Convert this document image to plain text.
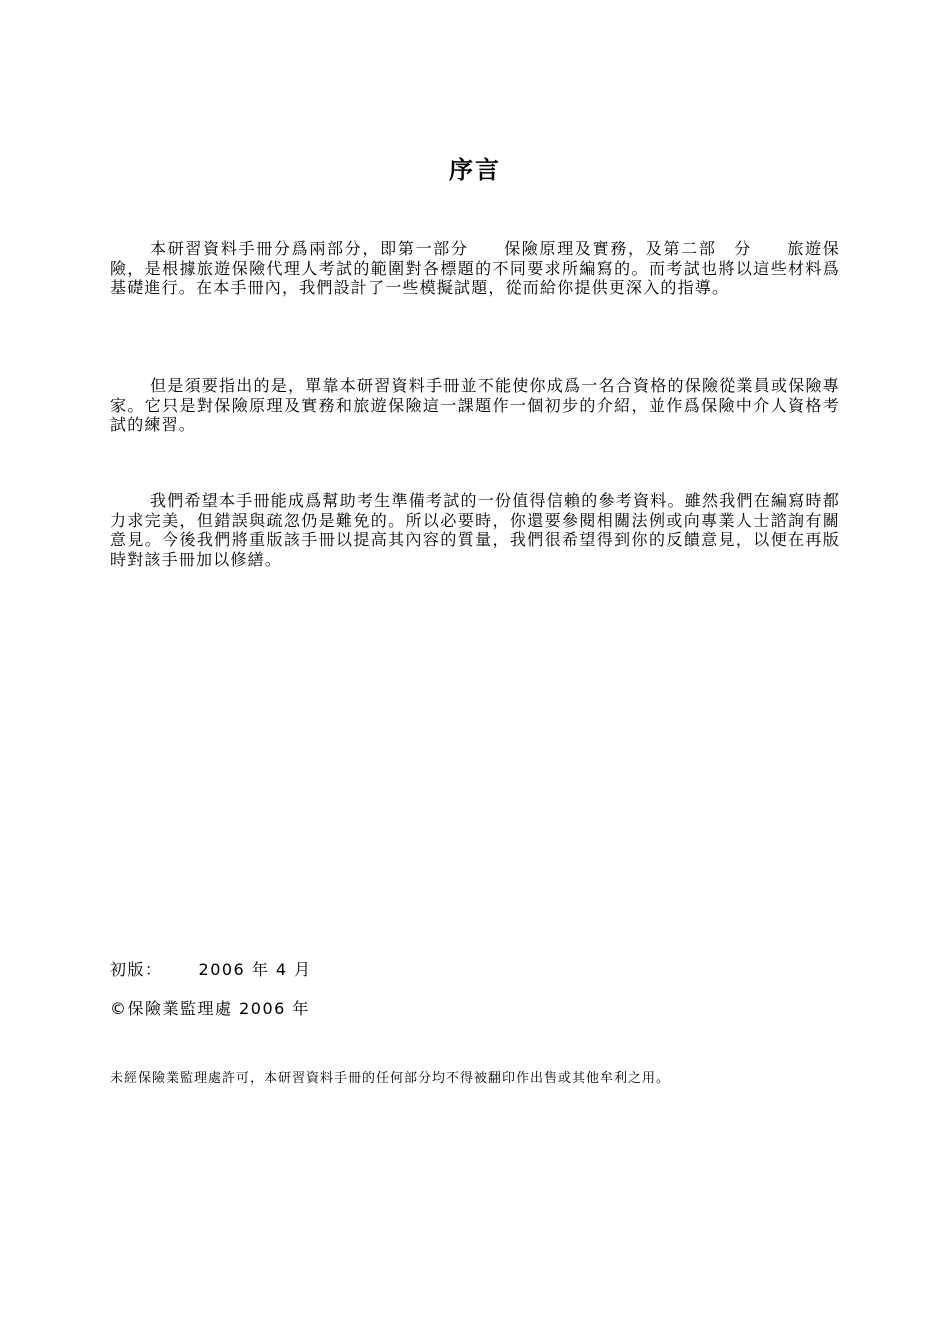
序言

本研習資料手冊分爲兩部分，即第一部分　　保險原理及實務，及第二部　分　　旅遊保險，是根據旅遊保險代理人考試的範圍對各標題的不同要求所編寫的。而考試也將以這些材料爲基礎進行。在本手冊內，我們設計了一些模擬試題，從而給你提供更深入的指導。

但是須要指出的是，單靠本研習資料手冊並不能使你成爲一名合資格的保險從業員或保險專家。它只是對保險原理及實務和旅遊保險這一課題作一個初步的介紹，並作爲保險中介人資格考試的練習。

我們希望本手冊能成爲幫助考生準備考試的一份值得信賴的參考資料。雖然我們在編寫時都力求完美，但錯誤與疏忽仍是難免的。所以必要時，你還要參閱相關法例或向專業人士諮詢有關意見。今後我們將重版該手冊以提高其內容的質量，我們很希望得到你的反饋意見，以便在再版時對該手冊加以修繕。

初版： 2006 年 4 月
©保險業監理處 2006 年
未經保險業監理處許可，本研習資料手冊的任何部分均不得被翻印作出售或其他牟利之用。
